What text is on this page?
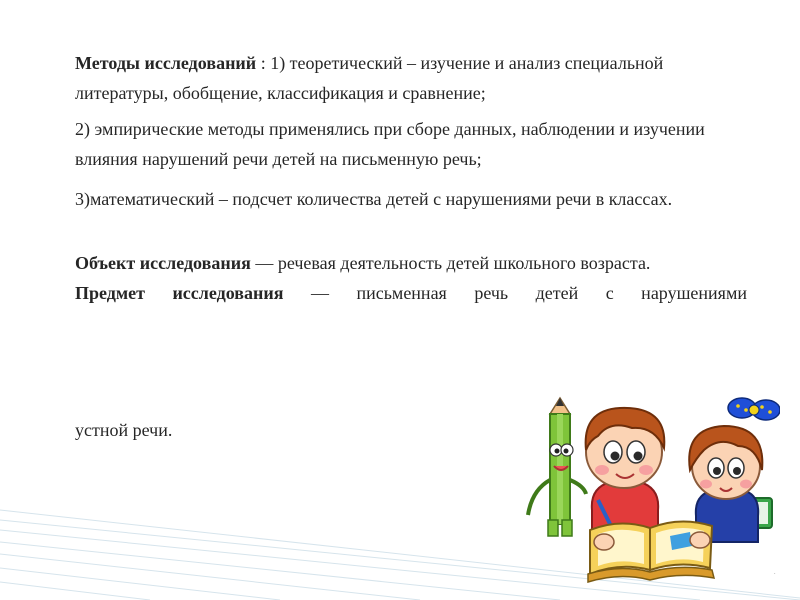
Методы исследований : 1) теоретический – изучение и анализ специальной литературы, обобщение, классификация и сравнение;

2) эмпирические методы применялись при сборе данных, наблюдении и изучении влияния нарушений речи детей на письменную речь;

3)математический – подсчет количества детей с нарушениями речи в классах.

Объект исследования — речевая деятельность детей школьного возраста.

Предмет исследования — письменная речь детей с нарушениями

устной речи.
·
